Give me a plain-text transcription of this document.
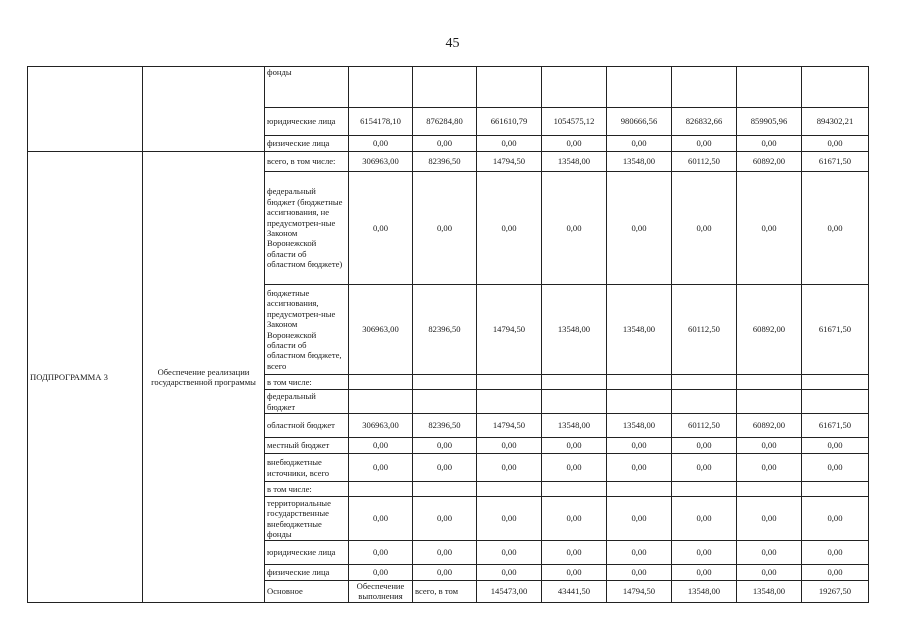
45
		фонды									
		юридические лица	6154178,10	876284,80	661610,79	1054575,12	980666,56	826832,66	859905,96	894302,21	
		физические лица	0,00	0,00	0,00	0,00	0,00	0,00	0,00	0,00	
ПОДПРОГРАММА 3	Обеспечение реализации государственной программы	всего, в том числе:	306963,00	82396,50	14794,50	13548,00	13548,00	60112,50	60892,00	61671,50	
		федеральный бюджет (бюджетные ассигнования, не предусмотрен-ные Законом Воронежской области об областном бюджете)	0,00	0,00	0,00	0,00	0,00	0,00	0,00	0,00	
		бюджетные ассигнования, предусмотрен-ные Законом Воронежской области об областном бюджете, всего	306963,00	82396,50	14794,50	13548,00	13548,00	60112,50	60892,00	61671,50	
		в том числе:									
		федеральный бюджет									
		областной бюджет	306963,00	82396,50	14794,50	13548,00	13548,00	60112,50	60892,00	61671,50	
		местный бюджет	0,00	0,00	0,00	0,00	0,00	0,00	0,00	0,00	
		внебюджетные источники, всего	0,00	0,00	0,00	0,00	0,00	0,00	0,00	0,00	
		в том числе:									
		территориальные государственные внебюджетные фонды	0,00	0,00	0,00	0,00	0,00	0,00	0,00	0,00	
		юридические лица	0,00	0,00	0,00	0,00	0,00	0,00	0,00	0,00	
		физические лица	0,00	0,00	0,00	0,00	0,00	0,00	0,00	0,00	
		Основное	Обеспечение выполнения	всего, в том	145473,00	43441,50	14794,50	13548,00	13548,00	19267,50		
